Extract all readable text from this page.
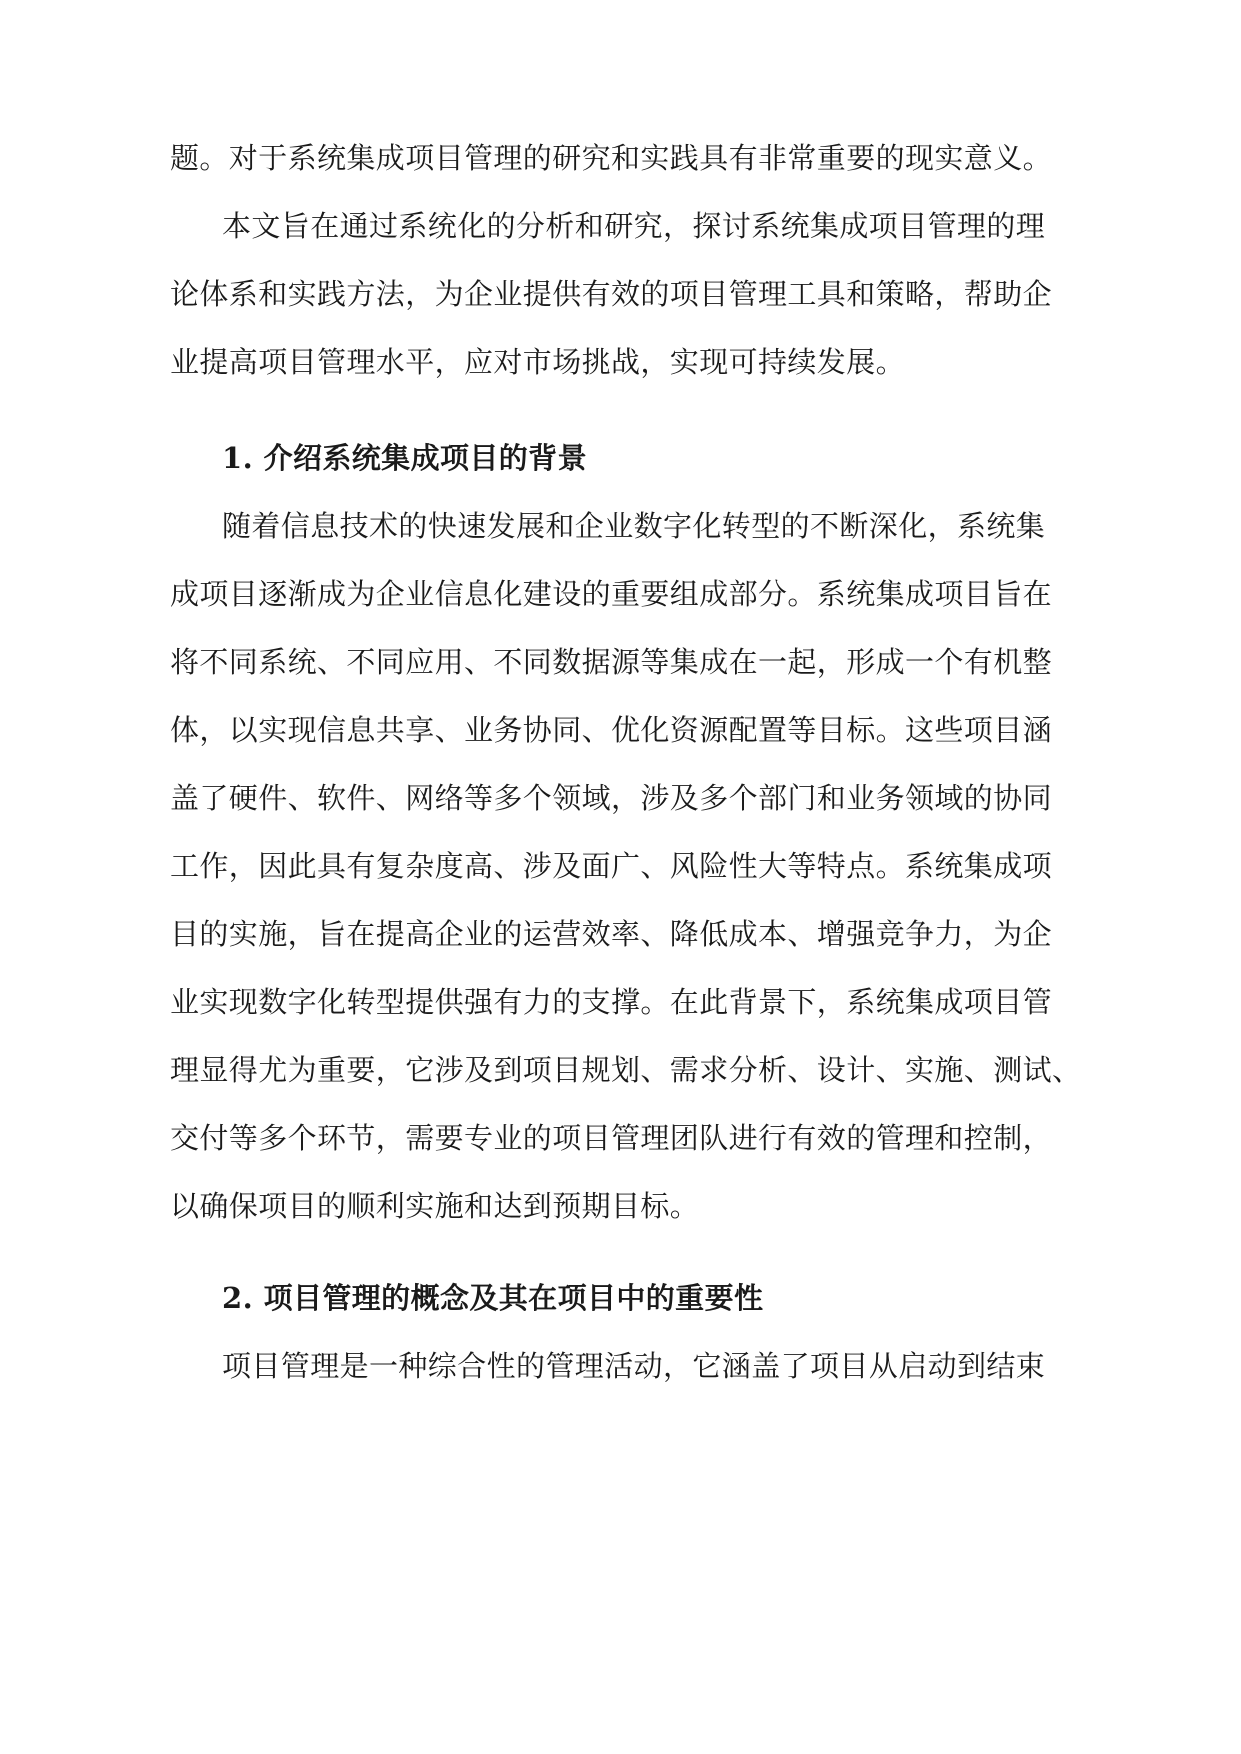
题。对于系统集成项目管理的研究和实践具有非常重要的现实意义。
本文旨在通过系统化的分析和研究，探讨系统集成项目管理的理
论体系和实践方法，为企业提供有效的项目管理工具和策略，帮助企
业提高项目管理水平，应对市场挑战，实现可持续发展。
1. 介绍系统集成项目的背景
随着信息技术的快速发展和企业数字化转型的不断深化，系统集
成项目逐渐成为企业信息化建设的重要组成部分。系统集成项目旨在
将不同系统、不同应用、不同数据源等集成在一起，形成一个有机整
体，以实现信息共享、业务协同、优化资源配置等目标。这些项目涵
盖了硬件、软件、网络等多个领域，涉及多个部门和业务领域的协同
工作，因此具有复杂度高、涉及面广、风险性大等特点。系统集成项
目的实施，旨在提高企业的运营效率、降低成本、增强竞争力，为企
业实现数字化转型提供强有力的支撑。在此背景下，系统集成项目管
理显得尤为重要，它涉及到项目规划、需求分析、设计、实施、测试、
交付等多个环节，需要专业的项目管理团队进行有效的管理和控制，
以确保项目的顺利实施和达到预期目标。
2. 项目管理的概念及其在项目中的重要性
项目管理是一种综合性的管理活动，它涵盖了项目从启动到结束
